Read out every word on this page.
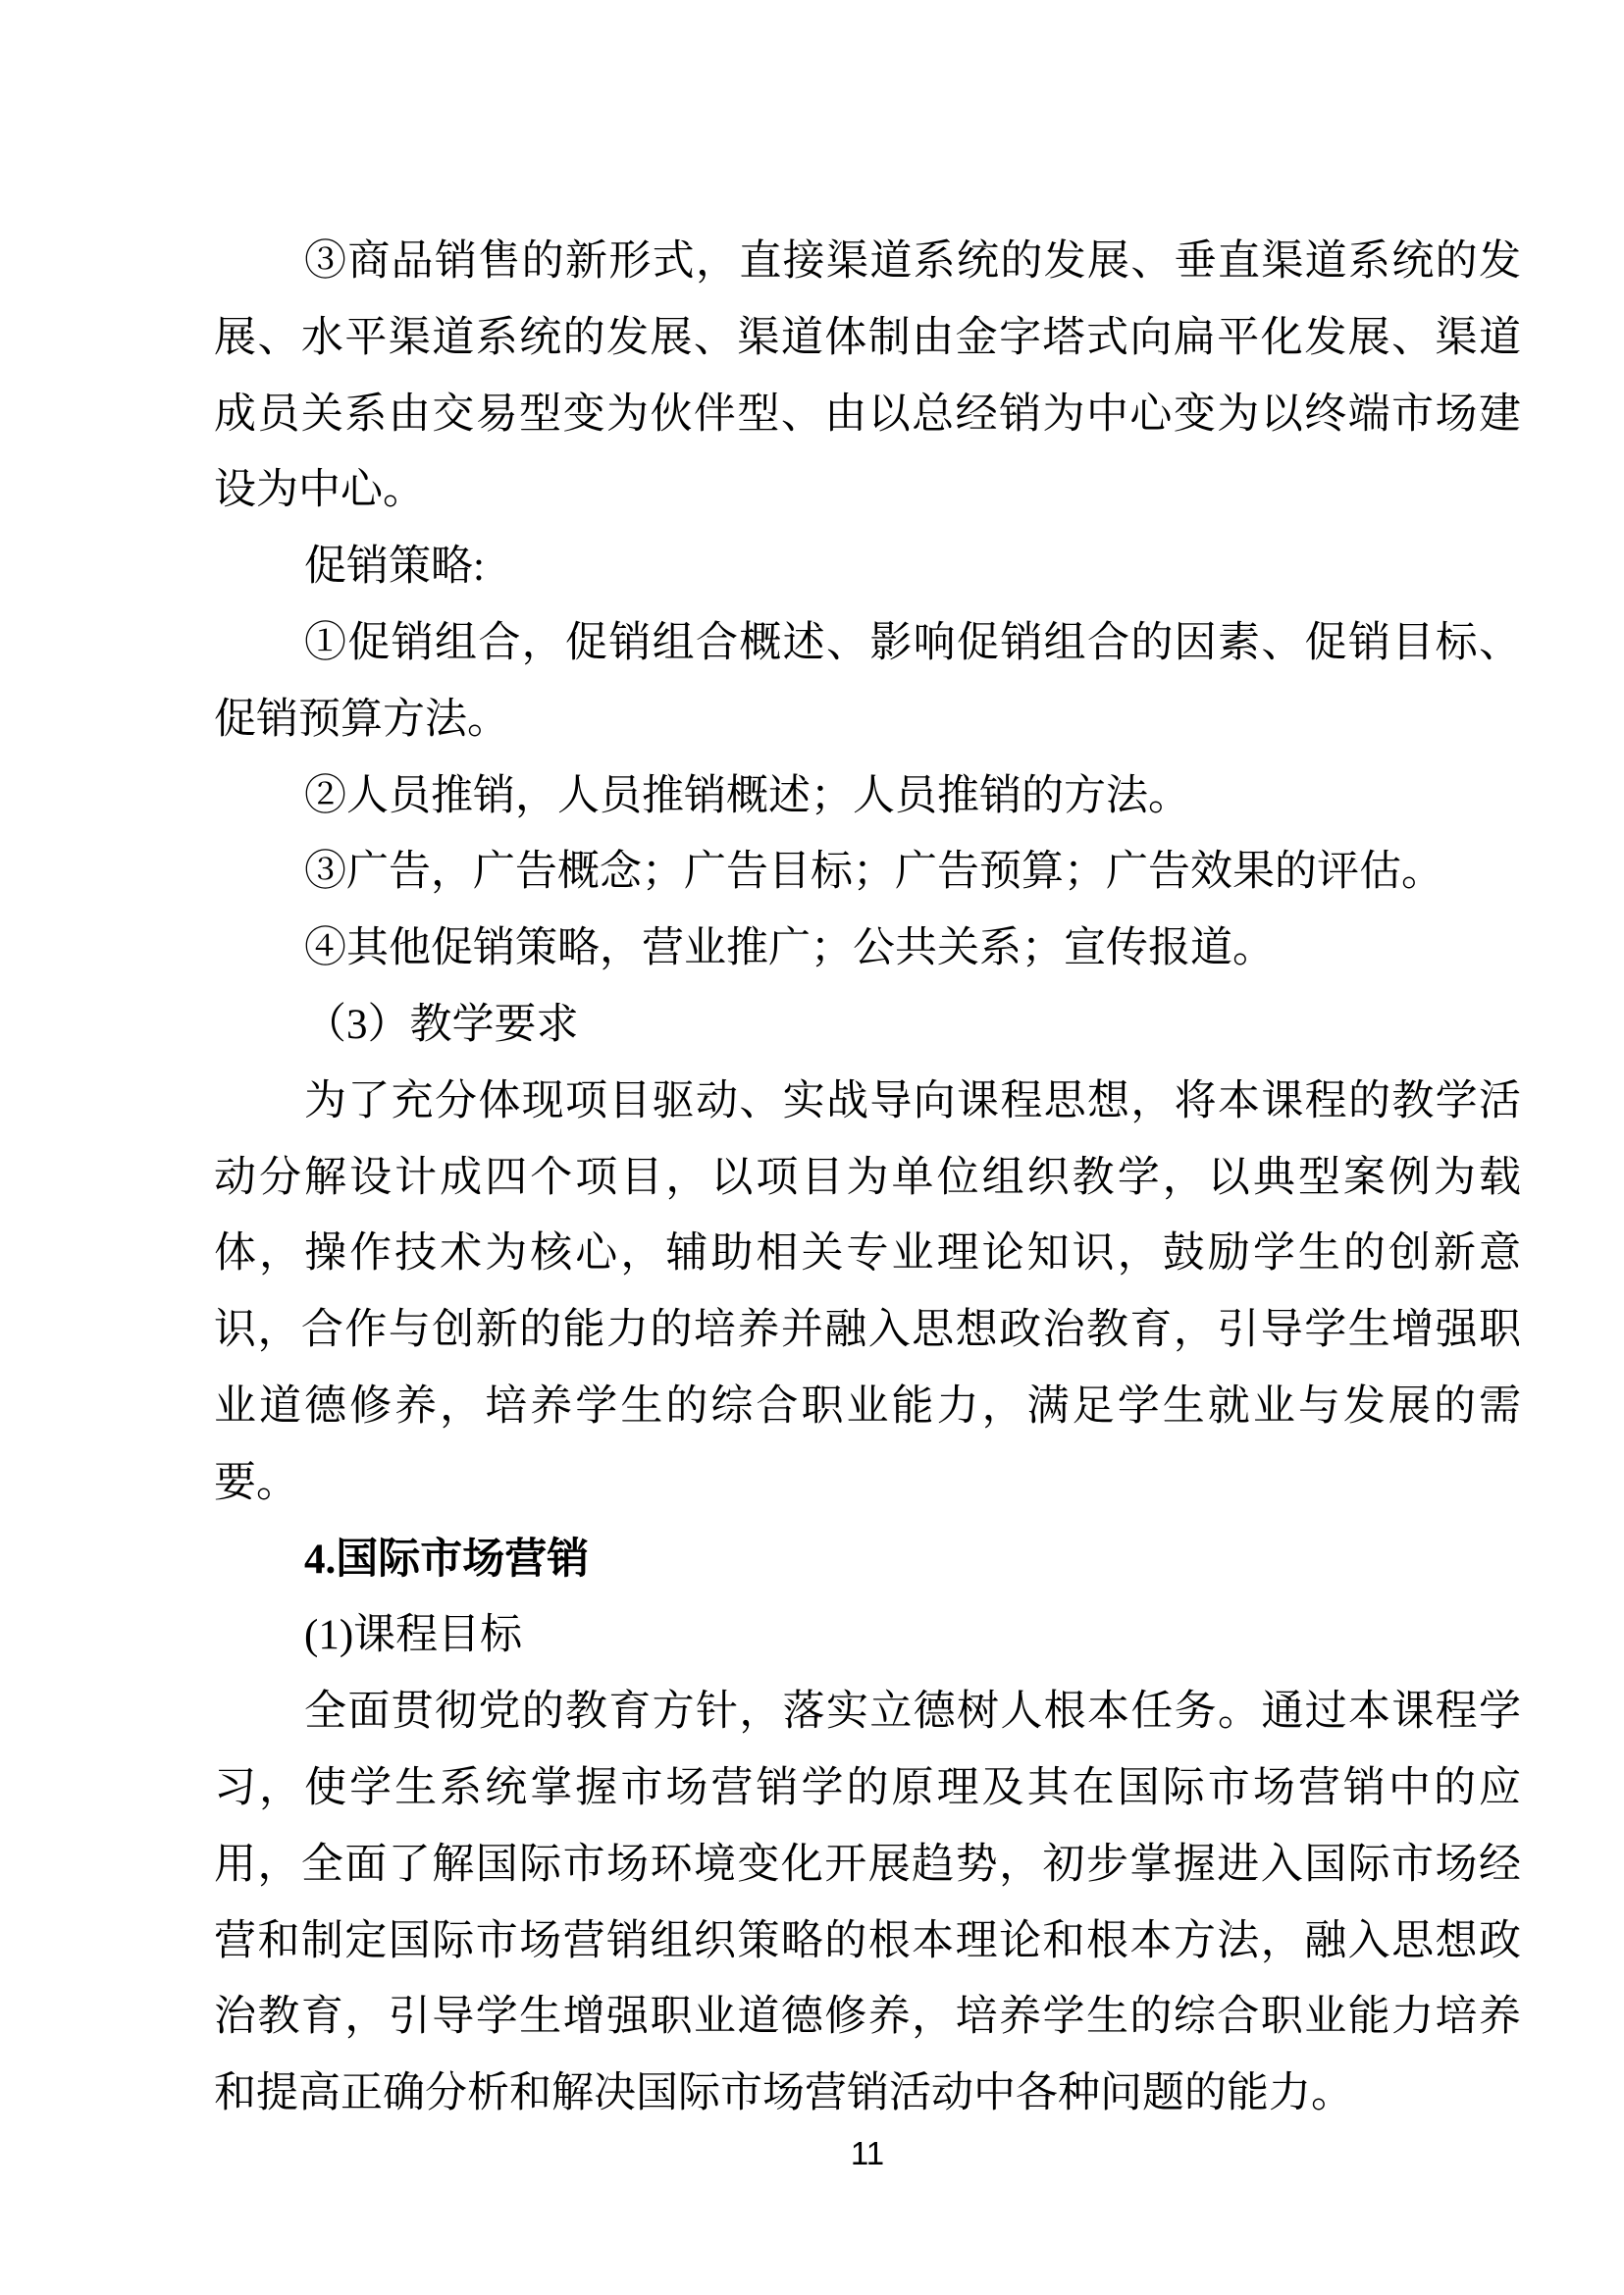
③商品销售的新形式，直接渠道系统的发展、垂直渠道系统的发
展、水平渠道系统的发展、渠道体制由金字塔式向扁平化发展、渠道
成员关系由交易型变为伙伴型、由以总经销为中心变为以终端市场建
设为中心。
促销策略:
①促销组合，促销组合概述、影响促销组合的因素、促销目标、
促销预算方法。
②人员推销，人员推销概述；人员推销的方法。
③广告，广告概念；广告目标；广告预算；广告效果的评估。
④其他促销策略，营业推广；公共关系；宣传报道。
（3）教学要求
为了充分体现项目驱动、实战导向课程思想，将本课程的教学活
动分解设计成四个项目，以项目为单位组织教学，以典型案例为载
体，操作技术为核心，辅助相关专业理论知识，鼓励学生的创新意
识，合作与创新的能力的培养并融入思想政治教育，引导学生增强职
业道德修养，培养学生的综合职业能力，满足学生就业与发展的需
要。
4.国际市场营销
(1)课程目标
全面贯彻党的教育方针，落实立德树人根本任务。通过本课程学
习，使学生系统掌握市场营销学的原理及其在国际市场营销中的应
用，全面了解国际市场环境变化开展趋势，初步掌握进入国际市场经
营和制定国际市场营销组织策略的根本理论和根本方法，融入思想政
治教育，引导学生增强职业道德修养，培养学生的综合职业能力培养
和提高正确分析和解决国际市场营销活动中各种问题的能力。
11
